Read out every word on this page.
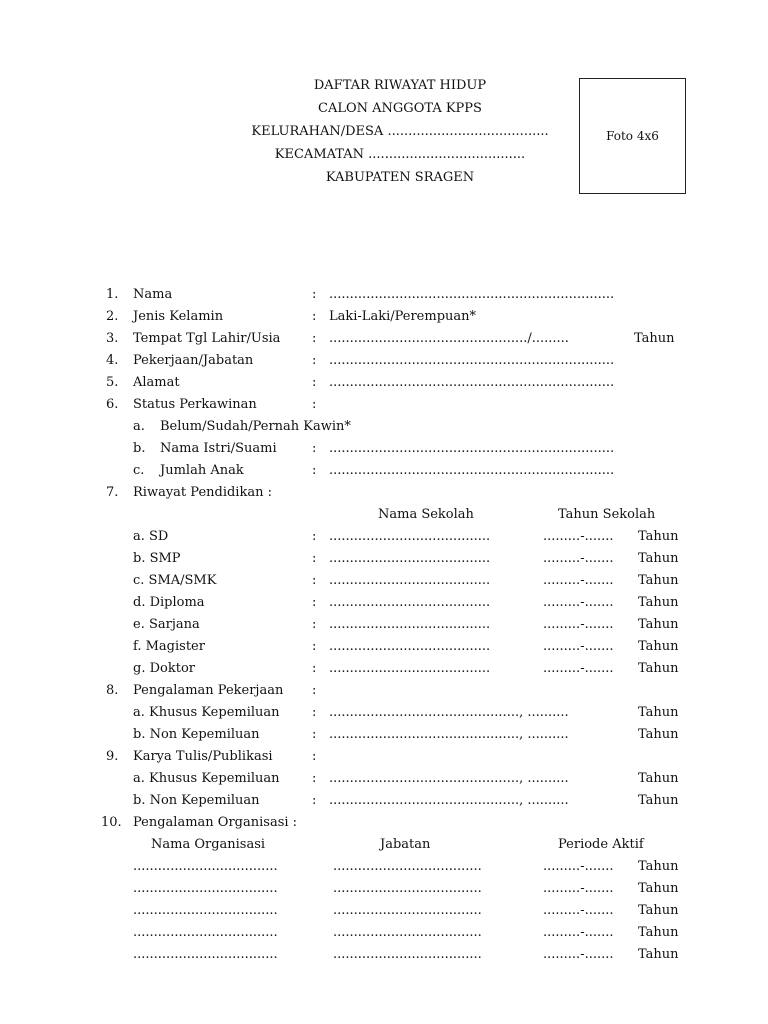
DAFTAR RIWAYAT HIDUP
CALON ANGGOTA KPPS
KELURAHAN/DESA .......................................
KECAMATAN ......................................
KABUPATEN SRAGEN
Foto 4x6
1. Nama	: .....................................................................
2. Jenis Kelamin	: Laki-Laki/Perempuan*
3. Tempat Tgl Lahir/Usia : ................................................/.........	Tahun
4. Pekerjaan/Jabatan	: .....................................................................
5. Alamat	: .....................................................................
6. Status Perkawinan	:
a. Belum/Sudah/Pernah Kawin*
b. Nama Istri/Suami	: .....................................................................
c. Jumlah Anak	: .....................................................................
7. Riwayat Pendidikan :
Nama Sekolah	Tahun Sekolah
a. SD	: .......................................	.........-....... Tahun
b. SMP	: .......................................	.........-....... Tahun
c. SMA/SMK	: .......................................	.........-....... Tahun
d. Diploma	: .......................................	.........-....... Tahun
e. Sarjana	: .......................................	.........-....... Tahun
f. Magister	: .......................................	.........-....... Tahun
g. Doktor	: .......................................	.........-....... Tahun
8. Pengalaman Pekerjaan :
a. Khusus Kepemiluan : .............................................., ..........	Tahun
b. Non Kepemiluan	: .............................................., ..........	Tahun
9. Karya Tulis/Publikasi	:
a. Khusus Kepemiluan : .............................................., ..........	Tahun
b. Non Kepemiluan	: .............................................., ..........	Tahun
10. Pengalaman Organisasi :
Nama Organisasi	Jabatan	Periode Aktif
...................................	....................................	.........-....... Tahun
...................................	....................................	.........-....... Tahun
...................................	....................................	.........-....... Tahun
...................................	....................................	.........-....... Tahun
...................................	....................................	.........-....... Tahun
